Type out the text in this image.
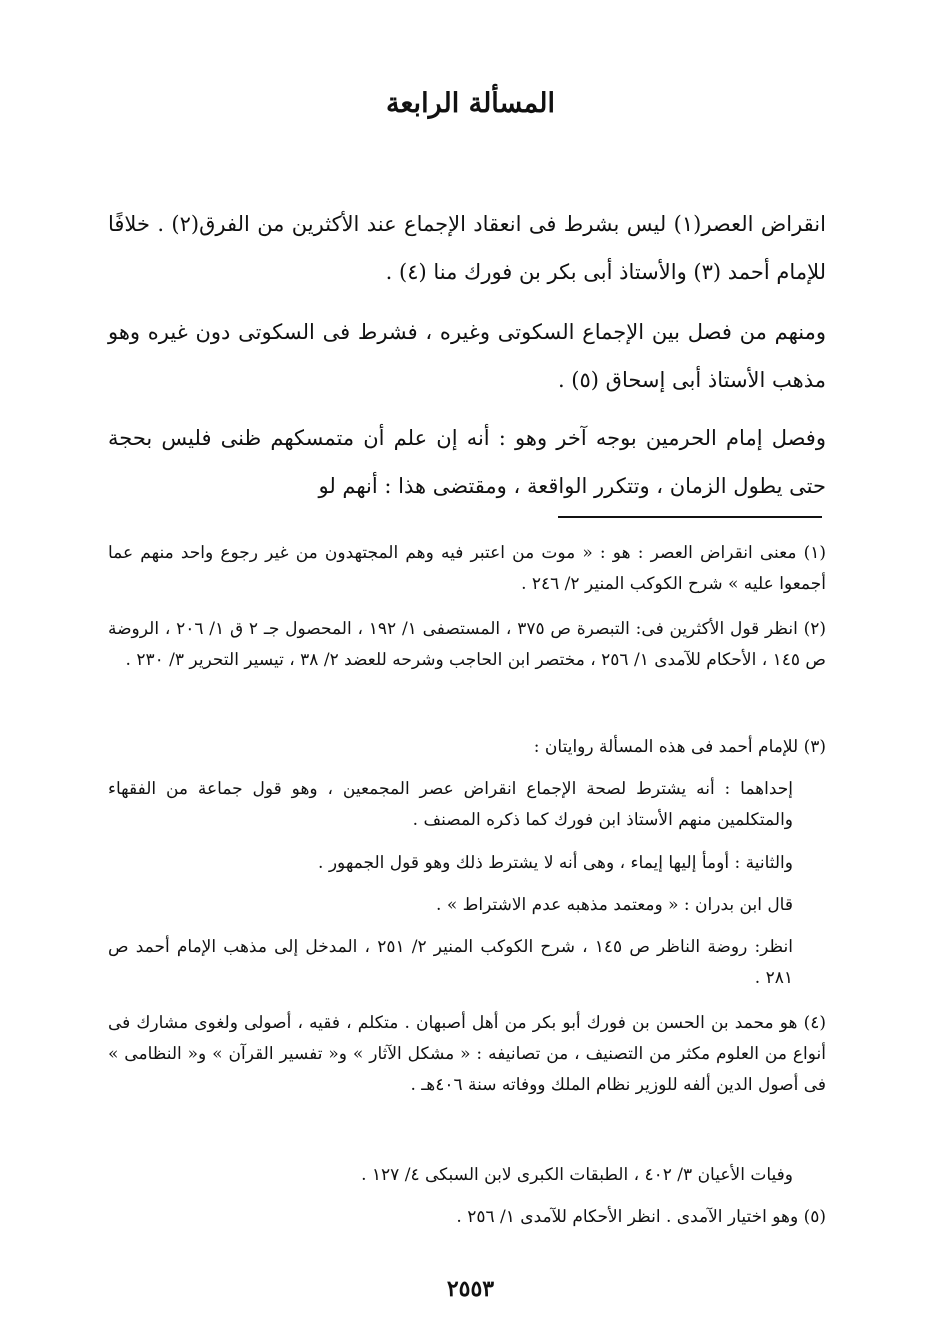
المسألة الرابعة

انقراض العصر(١) ليس بشرط فى انعقاد الإجماع عند الأكثرين من الفرق(٢) . خلافًا للإمام أحمد (٣) والأستاذ أبى بكر بن فورك منا (٤) .

ومنهم من فصل بين الإجماع السكوتى وغيره ، فشرط فى السكوتى دون غيره وهو مذهب الأستاذ أبى إسحاق (٥) .

وفصل إمام الحرمين بوجه آخر وهو : أنه إن علم أن متمسكهم ظنى فليس بحجة حتى يطول الزمان ، وتتكرر الواقعة ، ومقتضى هذا : أنهم لو

(١) معنى انقراض العصر : هو : « موت من اعتبر فيه وهم المجتهدون من غير رجوع واحد منهم عما أجمعوا عليه » شرح الكوكب المنير ٢/ ٢٤٦ .

(٢) انظر قول الأكثرين فى: التبصرة ص ٣٧٥ ، المستصفى ١/ ١٩٢ ، المحصول جـ ٢ ق ١/ ٢٠٦ ، الروضة ص ١٤٥ ، الأحكام للآمدى ١/ ٢٥٦ ، مختصر ابن الحاجب وشرحه للعضد ٢/ ٣٨ ، تيسير التحرير ٣/ ٢٣٠ .

(٣) للإمام أحمد فى هذه المسألة روايتان :

إحداهما : أنه يشترط لصحة الإجماع انقراض عصر المجمعين ، وهو قول جماعة من الفقهاء والمتكلمين منهم الأستاذ ابن فورك كما ذكره المصنف .

والثانية : أومأ إليها إيماء ، وهى أنه لا يشترط ذلك وهو قول الجمهور .

قال ابن بدران : « ومعتمد مذهبه عدم الاشتراط » .

انظر: روضة الناظر ص ١٤٥ ، شرح الكوكب المنير ٢/ ٢٥١ ، المدخل إلى مذهب الإمام أحمد ص ٢٨١ .

(٤) هو محمد بن الحسن بن فورك أبو بكر من أهل أصبهان . متكلم ، فقيه ، أصولى ولغوى مشارك فى أنواع من العلوم مكثر من التصنيف ، من تصانيفه : « مشكل الآثار » و« تفسير القرآن » و« النظامى » فى أصول الدين ألفه للوزير نظام الملك ووفاته سنة ٤٠٦هـ .

وفيات الأعيان ٣/ ٤٠٢ ، الطبقات الكبرى لابن السبكى ٤/ ١٢٧ .

(٥) وهو اختيار الآمدى . انظر الأحكام للآمدى ١/ ٢٥٦ .

٢٥٥٣
